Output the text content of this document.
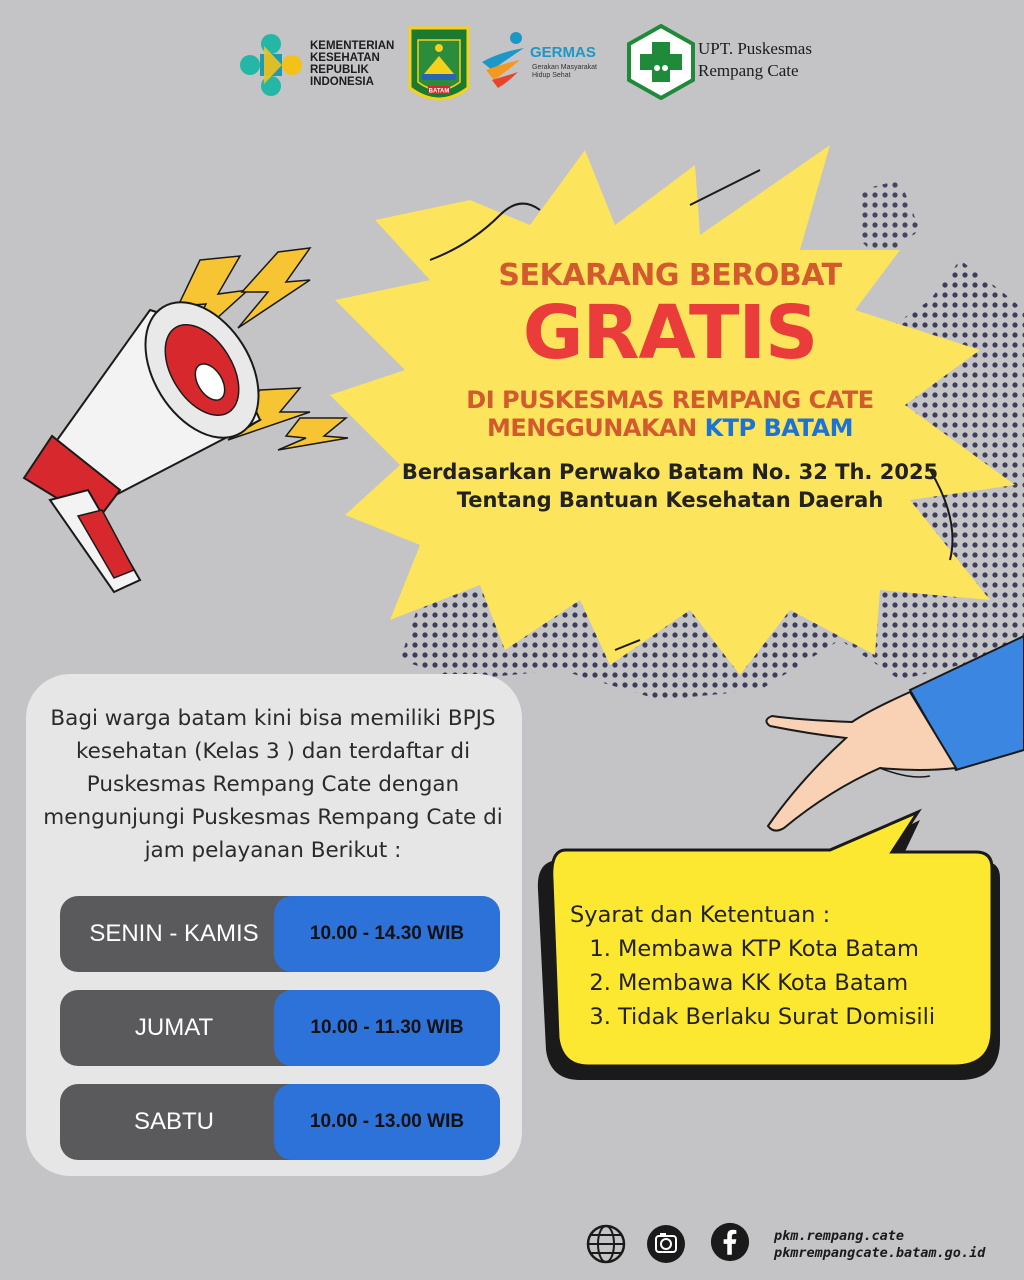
KEMENTERIAN
KESEHATAN
REPUBLIK
INDONESIA
BATAM
GERMAS
Gerakan Masyarakat
Hidup Sehat
UPT. Puskesmas
Rempang Cate
SEKARANG BEROBAT
GRATIS
DI PUSKESMAS REMPANG CATE
MENGGUNAKAN KTP BATAM
Berdasarkan Perwako Batam No. 32 Th. 2025
Tentang Bantuan Kesehatan Daerah
Bagi warga batam kini bisa memiliki BPJS kesehatan (Kelas 3 ) dan terdaftar di Puskesmas Rempang Cate dengan mengunjungi Puskesmas Rempang Cate di jam pelayanan Berikut :
SENIN - KAMIS	10.00 - 14.30 WIB
JUMAT	10.00 - 11.30 WIB
SABTU	10.00 - 13.00 WIB
Syarat dan Ketentuan :
1. Membawa KTP Kota Batam
2. Membawa KK Kota Batam
3. Tidak Berlaku Surat Domisili
pkm.rempang.cate
pkmrempangcate.batam.go.id
